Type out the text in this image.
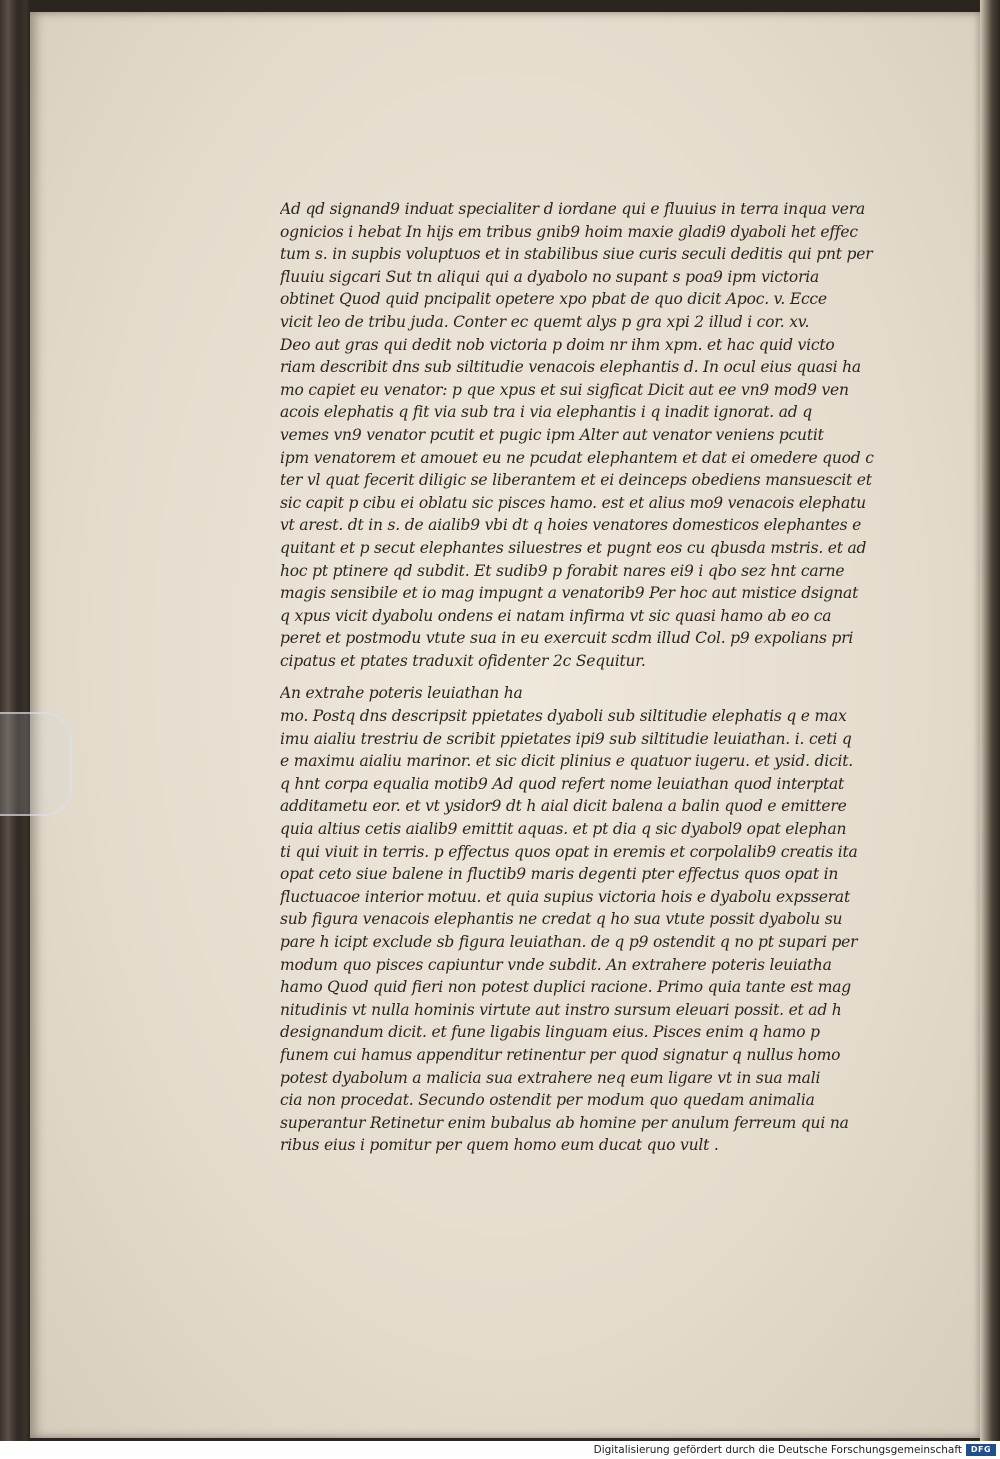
Ad qd signand9 induat specialiter d iordane qui e fluuius in terra inqua vera
ognicios i hebat In hijs em tribus gnib9 hoim maxie gladi9 dyaboli het effec
tum s. in supbis voluptuos et in stabilibus siue curis seculi deditis qui pnt per
fluuiu sigcari Sut tn aliqui qui a dyabolo no supant s poa9 ipm victoria
obtinet Quod quid pncipalit opetere xpo pbat de quo dicit Apoc. v. Ecce
vicit leo de tribu juda. Conter ec quemt alys p gra xpi 2 illud i cor. xv.
Deo aut gras qui dedit nob victoria p doim nr ihm xpm. et hac quid victo
riam describit dns sub siltitudie venacois elephantis d. In ocul eius quasi ha
mo capiet eu venator: p que xpus et sui sigficat Dicit aut ee vn9 mod9 ven
acois elephatis q fit via sub tra i via elephantis i q inadit ignorat. ad q
vemes vn9 venator pcutit et pugic ipm Alter aut venator veniens pcutit
ipm venatorem et amouet eu ne pcudat elephantem et dat ei omedere quod c
ter vl quat fecerit diligic se liberantem et ei deinceps obediens mansuescit et
sic capit p cibu ei oblatu sic pisces hamo. est et alius mo9 venacois elephatu
vt arest. dt in s. de aialib9 vbi dt q hoies venatores domesticos elephantes e
quitant et p secut elephantes siluestres et pugnt eos cu qbusda mstris. et ad
hoc pt ptinere qd subdit. Et sudib9 p forabit nares ei9 i qbo sez hnt carne
magis sensibile et io mag impugnt a venatorib9 Per hoc aut mistice dsignat
q xpus vicit dyabolu ondens ei natam infirma vt sic quasi hamo ab eo ca
peret et postmodu vtute sua in eu exercuit scdm illud Col. p9 expolians pri
cipatus et ptates traduxit ofidenter 2c Sequitur.
An extrahe poteris leuiathan ha
mo. Postq dns descripsit ppietates dyaboli sub siltitudie elephatis q e max
imu aialiu trestriu de scribit ppietates ipi9 sub siltitudie leuiathan. i. ceti q
e maximu aialiu marinor. et sic dicit plinius e quatuor iugeru. et ysid. dicit.
q hnt corpa equalia motib9 Ad quod refert nome leuiathan quod interptat
additametu eor. et vt ysidor9 dt h aial dicit balena a balin quod e emittere
quia altius cetis aialib9 emittit aquas. et pt dia q sic dyabol9 opat elephan
ti qui viuit in terris. p effectus quos opat in eremis et corpolalib9 creatis ita
opat ceto siue balene in fluctib9 maris degenti pter effectus quos opat in
fluctuacoe interior motuu. et quia supius victoria hois e dyabolu expsserat
sub figura venacois elephantis ne credat q ho sua vtute possit dyabolu su
pare h icipt exclude sb figura leuiathan. de q p9 ostendit q no pt supari per
modum quo pisces capiuntur vnde subdit. An extrahere poteris leuiatha
hamo Quod quid fieri non potest duplici racione. Primo quia tante est mag
nitudinis vt nulla hominis virtute aut instro sursum eleuari possit. et ad h
designandum dicit. et fune ligabis linguam eius. Pisces enim q hamo p
funem cui hamus appenditur retinentur per quod signatur q nullus homo
potest dyabolum a malicia sua extrahere neq eum ligare vt in sua mali
cia non procedat. Secundo ostendit per modum quo quedam animalia
superantur Retinetur enim bubalus ab homine per anulum ferreum qui na
ribus eius i pomitur per quem homo eum ducat quo vult .
Digitalisierung gefördert durch die Deutsche Forschungsgemeinschaft	DFG
